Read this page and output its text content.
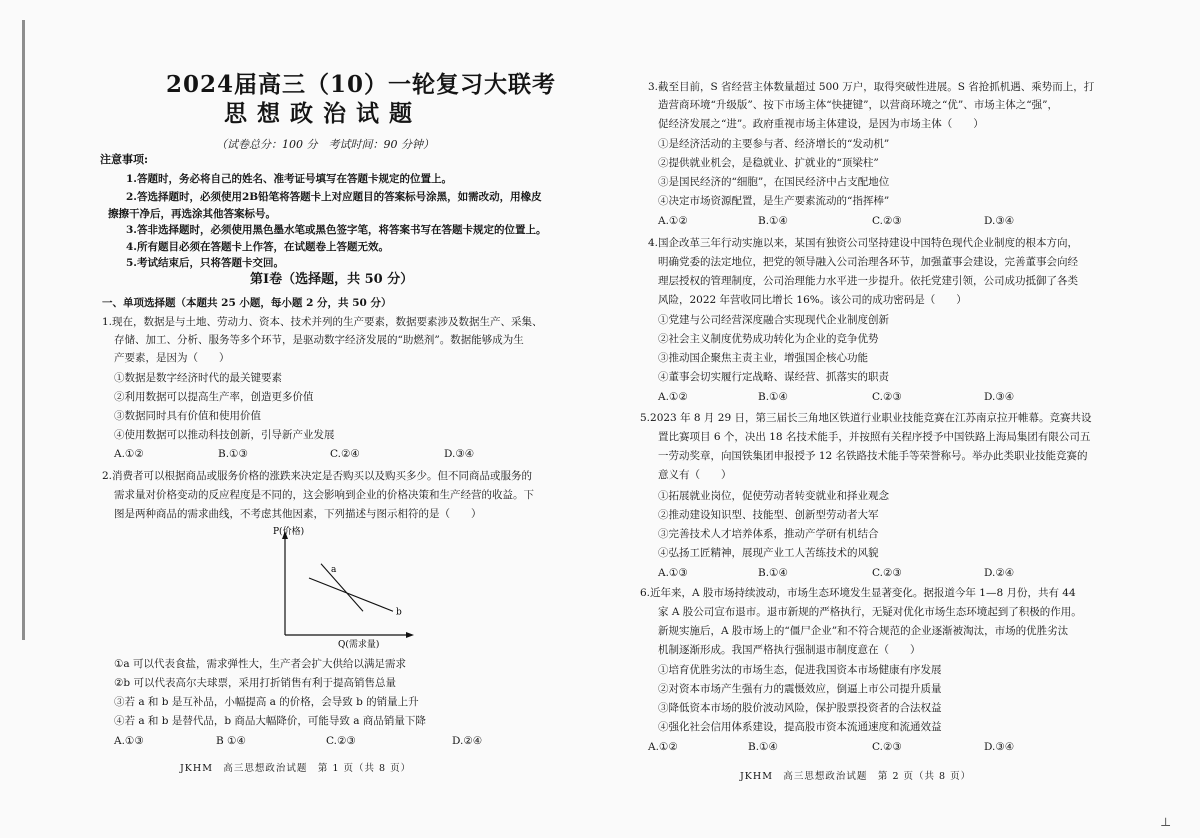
2024届高三（10）一轮复习大联考
思想政治试题
（试卷总分：100 分　考试时间：90 分钟）
注意事项:
1.答题时，务必将自己的姓名、准考证号填写在答题卡规定的位置上。
2.答选择题时，必须使用2B铅笔将答题卡上对应题目的答案标号涂黑，如需改动，用橡皮
擦擦干净后，再选涂其他答案标号。
3.答非选择题时，必须使用黑色墨水笔或黑色签字笔，将答案书写在答题卡规定的位置上。
4.所有题目必须在答题卡上作答，在试题卷上答题无效。
5.考试结束后，只将答题卡交回。
第Ⅰ卷（选择题，共 50 分）
一、单项选择题（本题共 25 小题，每小题 2 分，共 50 分）
1.现在，数据是与土地、劳动力、资本、技术并列的生产要素，数据要素涉及数据生产、采集、
存储、加工、分析、服务等多个环节，是驱动数字经济发展的“助燃剂”。数据能够成为生
产要素，是因为（　　）
①数据是数字经济时代的最关键要素
②利用数据可以提高生产率，创造更多价值
③数据同时具有价值和使用价值
④使用数据可以推动科技创新，引导新产业发展
A.①②	B.①③	C.②④	D.③④
2.消费者可以根据商品或服务价格的涨跌来决定是否购买以及购买多少。但不同商品或服务的
需求量对价格变动的反应程度是不同的，这会影响到企业的价格决策和生产经营的收益。下
图是两种商品的需求曲线，不考虑其他因素，下列描述与图示相符的是（　　）
P(价格)
Q(需求量)
a
b
①a 可以代表食盐，需求弹性大，生产者会扩大供给以满足需求
②b 可以代表高尔夫球票，采用打折销售有利于提高销售总量
③若 a 和 b 是互补品，小幅提高 a 的价格，会导致 b 的销量上升
④若 a 和 b 是替代品，b 商品大幅降价，可能导致 a 商品销量下降
A.①③	B ①④	C.②③	D.②④
JKHM　高三思想政治试题　第 1 页（共 8 页）
3.截至目前，S 省经营主体数量超过 500 万户，取得突破性进展。S 省抢抓机遇、乘势而上，打
造营商环境“升级版”、按下市场主体“快捷键”，以营商环境之“优”、市场主体之“强”，
促经济发展之“进”。政府重视市场主体建设，是因为市场主体（　　）
①是经济活动的主要参与者、经济增长的“发动机”
②提供就业机会，是稳就业、扩就业的“顶梁柱”
③是国民经济的“细胞”，在国民经济中占支配地位
④决定市场资源配置，是生产要素流动的“指挥棒”
A.①②	B.①④	C.②③	D.③④
4.国企改革三年行动实施以来，某国有独资公司坚持建设中国特色现代企业制度的根本方向，
明确党委的法定地位，把党的领导融入公司治理各环节，加强董事会建设，完善董事会向经
理层授权的管理制度，公司治理能力水平进一步提升。依托党建引领，公司成功抵御了各类
风险，2022 年营收同比增长 16%。该公司的成功密码是（　　）
①党建与公司经营深度融合实现现代企业制度创新
②社会主义制度优势成功转化为企业的竞争优势
③推动国企聚焦主责主业，增强国企核心功能
④董事会切实履行定战略、谋经营、抓落实的职责
A.①②	B.①④	C.②③	D.③④
5.2023 年 8 月 29 日，第三届长三角地区铁道行业职业技能竞赛在江苏南京拉开帷幕。竞赛共设
置比赛项目 6 个，决出 18 名技术能手，并按照有关程序授予中国铁路上海局集团有限公司五
一劳动奖章，向国铁集团申报授予 12 名铁路技术能手等荣誉称号。举办此类职业技能竞赛的
意义有（　　）
①拓展就业岗位，促使劳动者转变就业和择业观念
②推动建设知识型、技能型、创新型劳动者大军
③完善技术人才培养体系，推动产学研有机结合
④弘扬工匠精神，展现产业工人苦练技术的风貌
A.①③	B.①④	C.②③	D.②④
6.近年来，A 股市场持续波动，市场生态环境发生显著变化。据报道今年 1—8 月份，共有 44
家 A 股公司宣布退市。退市新规的严格执行，无疑对优化市场生态环境起到了积极的作用。
新规实施后，A 股市场上的“僵尸企业”和不符合规范的企业逐渐被淘汰，市场的优胜劣汰
机制逐渐形成。我国严格执行强制退市制度意在（　　）
①培育优胜劣汰的市场生态，促进我国资本市场健康有序发展
②对资本市场产生强有力的震慑效应，倒逼上市公司提升质量
③降低资本市场的股价波动风险，保护股票投资者的合法权益
④强化社会信用体系建设，提高股市资本流通速度和流通效益
A.①②	B.①④	C.②③	D.③④
JKHM　高三思想政治试题　第 2 页（共 8 页）
⊥
